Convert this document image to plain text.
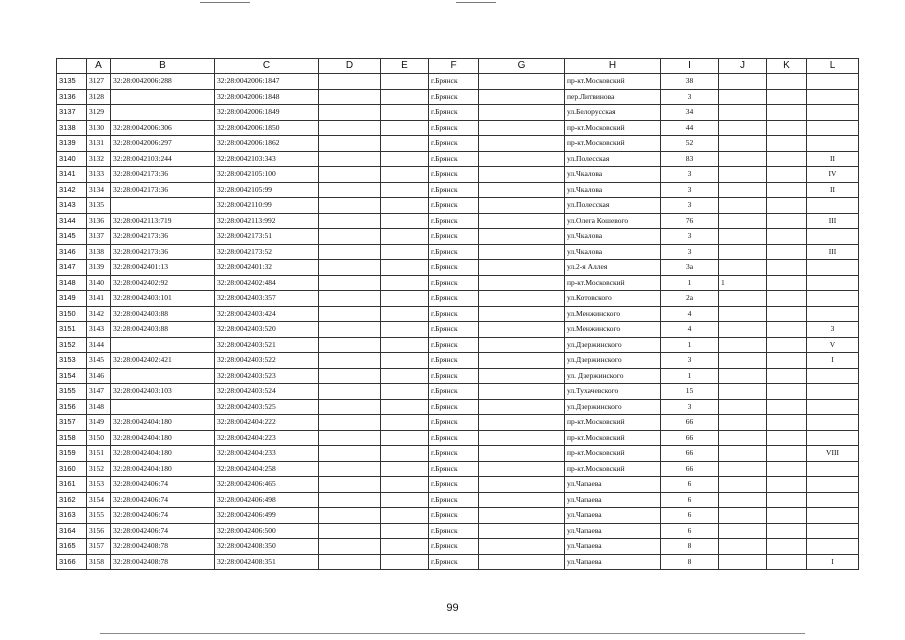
	A	B	C	D	E	F	G	H	I	J	K	L
3135	3127	32:28:0042006:288	32:28:0042006:1847			г.Брянск		пр-кт.Московский	38			
3136	3128		32:28:0042006:1848			г.Брянск		пер.Литвинова	3			
3137	3129		32:28:0042006:1849			г.Брянск		ул.Белорусская	34			
3138	3130	32:28:0042006:306	32:28:0042006:1850			г.Брянск		пр-кт.Московский	44			
3139	3131	32:28:0042006:297	32:28:0042006:1862			г.Брянск		пр-кт.Московский	52			
3140	3132	32:28:0042103:244	32:28:0042103:343			г.Брянск		ул.Полесская	83			II
3141	3133	32:28:0042173:36	32:28:0042105:100			г.Брянск		ул.Чкалова	3			IV
3142	3134	32:28:0042173:36	32:28:0042105:99			г.Брянск		ул.Чкалова	3			II
3143	3135		32:28:0042110:99			г.Брянск		ул.Полесская	3			
3144	3136	32:28:0042113:719	32:28:0042113:992			г.Брянск		ул.Олега Кошевого	76			III
3145	3137	32:28:0042173:36	32:28:0042173:51			г.Брянск		ул.Чкалова	3			
3146	3138	32:28:0042173:36	32:28:0042173:52			г.Брянск		ул.Чкалова	3			III
3147	3139	32:28:0042401:13	32:28:0042401:32			г.Брянск		ул.2-я Аллея	3а			
3148	3140	32:28:0042402:92	32:28:0042402:484			г.Брянск		пр-кт.Московский	1	1		
3149	3141	32:28:0042403:101	32:28:0042403:357			г.Брянск		ул.Котовского	2а			
3150	3142	32:28:0042403:88	32:28:0042403:424			г.Брянск		ул.Менжинского	4			
3151	3143	32:28:0042403:88	32:28:0042403:520			г.Брянск		ул.Менжинского	4			3
3152	3144		32:28:0042403:521			г.Брянск		ул.Дзержинского	1			V
3153	3145	32:28:0042402:421	32:28:0042403:522			г.Брянск		ул.Дзержинского	3			I
3154	3146		32:28:0042403:523			г.Брянск		ул. Дзержинского	1			
3155	3147	32:28:0042403:103	32:28:0042403:524			г.Брянск		ул.Тухачевского	15			
3156	3148		32:28:0042403:525			г.Брянск		ул.Дзержинского	3			
3157	3149	32:28:0042404:180	32:28:0042404:222			г.Брянск		пр-кт.Московский	66			
3158	3150	32:28:0042404:180	32:28:0042404:223			г.Брянск		пр-кт.Московский	66			
3159	3151	32:28:0042404:180	32:28:0042404:233			г.Брянск		пр-кт.Московский	66			VIII
3160	3152	32:28:0042404:180	32:28:0042404:258			г.Брянск		пр-кт.Московский	66			
3161	3153	32:28:0042406:74	32:28:0042406:465			г.Брянск		ул.Чапаева	6			
3162	3154	32:28:0042406:74	32:28:0042406:498			г.Брянск		ул.Чапаева	6			
3163	3155	32:28:0042406:74	32:28:0042406:499			г.Брянск		ул.Чапаева	6			
3164	3156	32:28:0042406:74	32:28:0042406:500			г.Брянск		ул.Чапаева	6			
3165	3157	32:28:0042408:78	32:28:0042408:350			г.Брянск		ул.Чапаева	8			
3166	3158	32:28:0042408:78	32:28:0042408:351			г.Брянск		ул.Чапаева	8			I
99
